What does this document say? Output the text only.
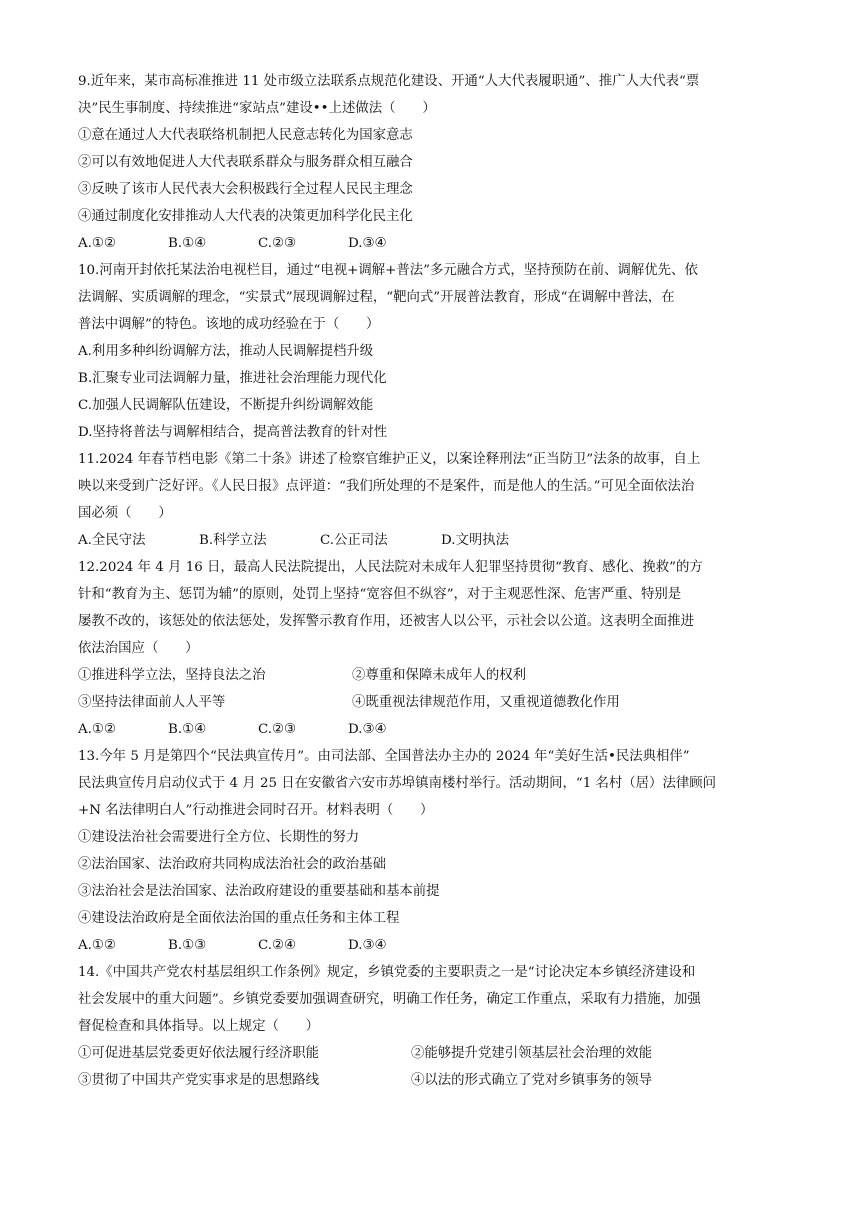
9.近年来，某市高标准推进 11 处市级立法联系点规范化建设、开通“人大代表履职通”、推广人大代表“票
决”民生事制度、持续推进“家站点”建设••上述做法（　　）
①意在通过人大代表联络机制把人民意志转化为国家意志
②可以有效地促进人大代表联系群众与服务群众相互融合
③反映了该市人民代表大会积极践行全过程人民民主理念
④通过制度化安排推动人大代表的决策更加科学化民主化
A.①②	B.①④	C.②③	D.③④
10.河南开封依托某法治电视栏目，通过“电视+调解+普法”多元融合方式，坚持预防在前、调解优先、依
法调解、实质调解的理念，“实景式”展现调解过程，“靶向式”开展普法教育，形成“在调解中普法，在
普法中调解”的特色。该地的成功经验在于（　　）
A.利用多种纠纷调解方法，推动人民调解提档升级
B.汇聚专业司法调解力量，推进社会治理能力现代化
C.加强人民调解队伍建设，不断提升纠纷调解效能
D.坚持将普法与调解相结合，提高普法教育的针对性
11.2024 年春节档电影《第二十条》讲述了检察官维护正义，以案诠释刑法“正当防卫”法条的故事，自上
映以来受到广泛好评。《人民日报》点评道：“我们所处理的不是案件，而是他人的生活。”可见全面依法治
国必须（　　）
A.全民守法	B.科学立法	C.公正司法	D.文明执法
12.2024 年 4 月 16 日，最高人民法院提出，人民法院对未成年人犯罪坚持贯彻“教育、感化、挽救”的方
针和“教育为主、惩罚为辅”的原则，处罚上坚持“宽容但不纵容”，对于主观恶性深、危害严重、特别是
屡教不改的，该惩处的依法惩处，发挥警示教育作用，还被害人以公平，示社会以公道。这表明全面推进
依法治国应（　　）
①推进科学立法，坚持良法之治	②尊重和保障未成年人的权利
③坚持法律面前人人平等	④既重视法律规范作用，又重视道德教化作用
A.①②	B.①④	C.②③	D.③④
13.今年 5 月是第四个“民法典宣传月”。由司法部、全国普法办主办的 2024 年“美好生活•民法典相伴”
民法典宣传月启动仪式于 4 月 25 日在安徽省六安市苏埠镇南楼村举行。活动期间，“1 名村（居）法律顾问
+N 名法律明白人”行动推进会同时召开。材料表明（　　）
①建设法治社会需要进行全方位、长期性的努力
②法治国家、法治政府共同构成法治社会的政治基础
③法治社会是法治国家、法治政府建设的重要基础和基本前提
④建设法治政府是全面依法治国的重点任务和主体工程
A.①②	B.①③	C.②④	D.③④
14.《中国共产党农村基层组织工作条例》规定，乡镇党委的主要职责之一是“讨论决定本乡镇经济建设和
社会发展中的重大问题”。乡镇党委要加强调查研究，明确工作任务，确定工作重点，采取有力措施，加强
督促检查和具体指导。以上规定（　　）
①可促进基层党委更好依法履行经济职能	②能够提升党建引领基层社会治理的效能
③贯彻了中国共产党实事求是的思想路线	④以法的形式确立了党对乡镇事务的领导
